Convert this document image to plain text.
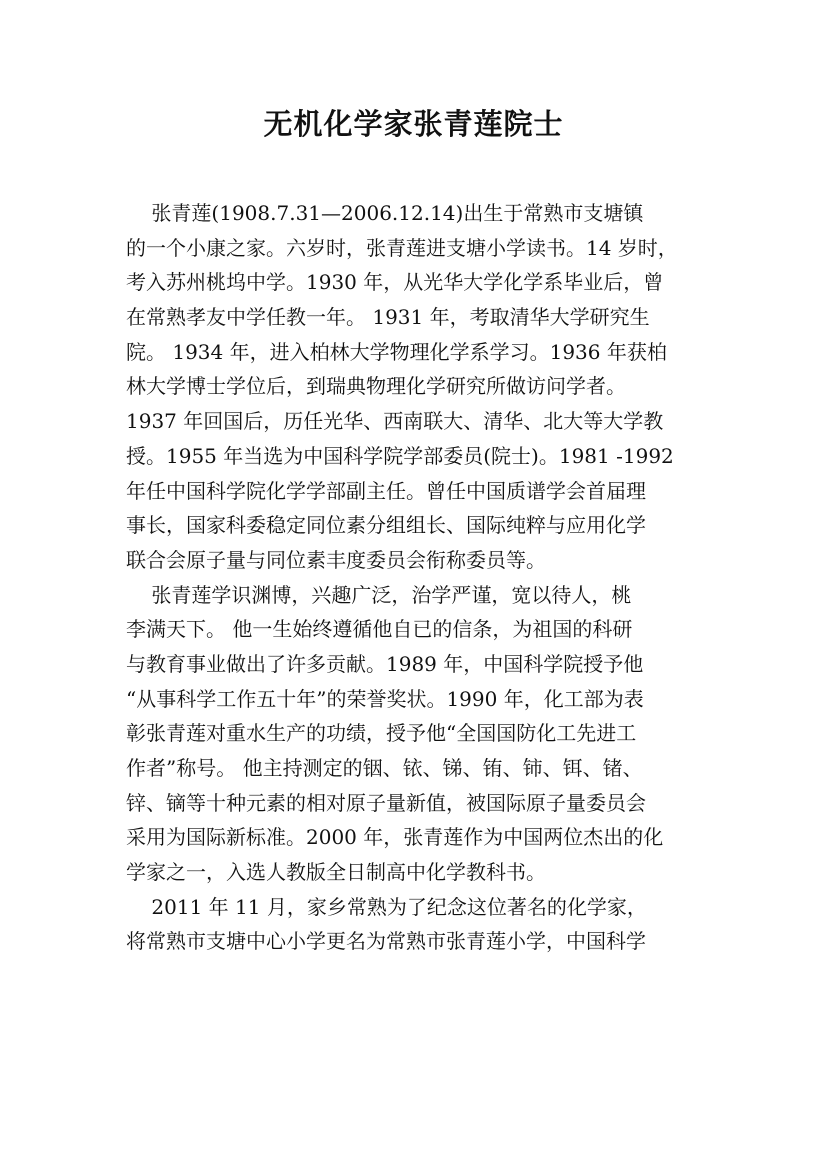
无机化学家张青莲院士
张青莲(1908.7.31—2006.12.14)出生于常熟市支塘镇
的一个小康之家。六岁时，张青莲进支塘小学读书。14 岁时，
考入苏州桃坞中学。1930 年，从光华大学化学系毕业后，曾
在常熟孝友中学任教一年。 1931 年，考取清华大学研究生
院。 1934 年，进入柏林大学物理化学系学习。1936 年获柏
林大学博士学位后，到瑞典物理化学研究所做访问学者。
1937 年回国后，历任光华、西南联大、清华、北大等大学教
授。1955 年当选为中国科学院学部委员(院士)。1981 -1992
年任中国科学院化学学部副主任。曾任中国质谱学会首届理
事长，国家科委稳定同位素分组组长、国际纯粹与应用化学
联合会原子量与同位素丰度委员会衔称委员等。
张青莲学识渊博，兴趣广泛，治学严谨，宽以待人，桃
李满天下。 他一生始终遵循他自已的信条，为祖国的科研
与教育事业做出了许多贡献。1989 年，中国科学院授予他
“从事科学工作五十年”的荣誉奖状。1990 年，化工部为表
彰张青莲对重水生产的功绩，授予他“全国国防化工先进工
作者”称号。 他主持测定的铟、铱、锑、铕、铈、铒、锗、
锌、镝等十种元素的相对原子量新值，被国际原子量委员会
采用为国际新标准。2000 年，张青莲作为中国两位杰出的化
学家之一，入选人教版全日制高中化学教科书。
2011 年 11 月，家乡常熟为了纪念这位著名的化学家，
将常熟市支塘中心小学更名为常熟市张青莲小学，中国科学
